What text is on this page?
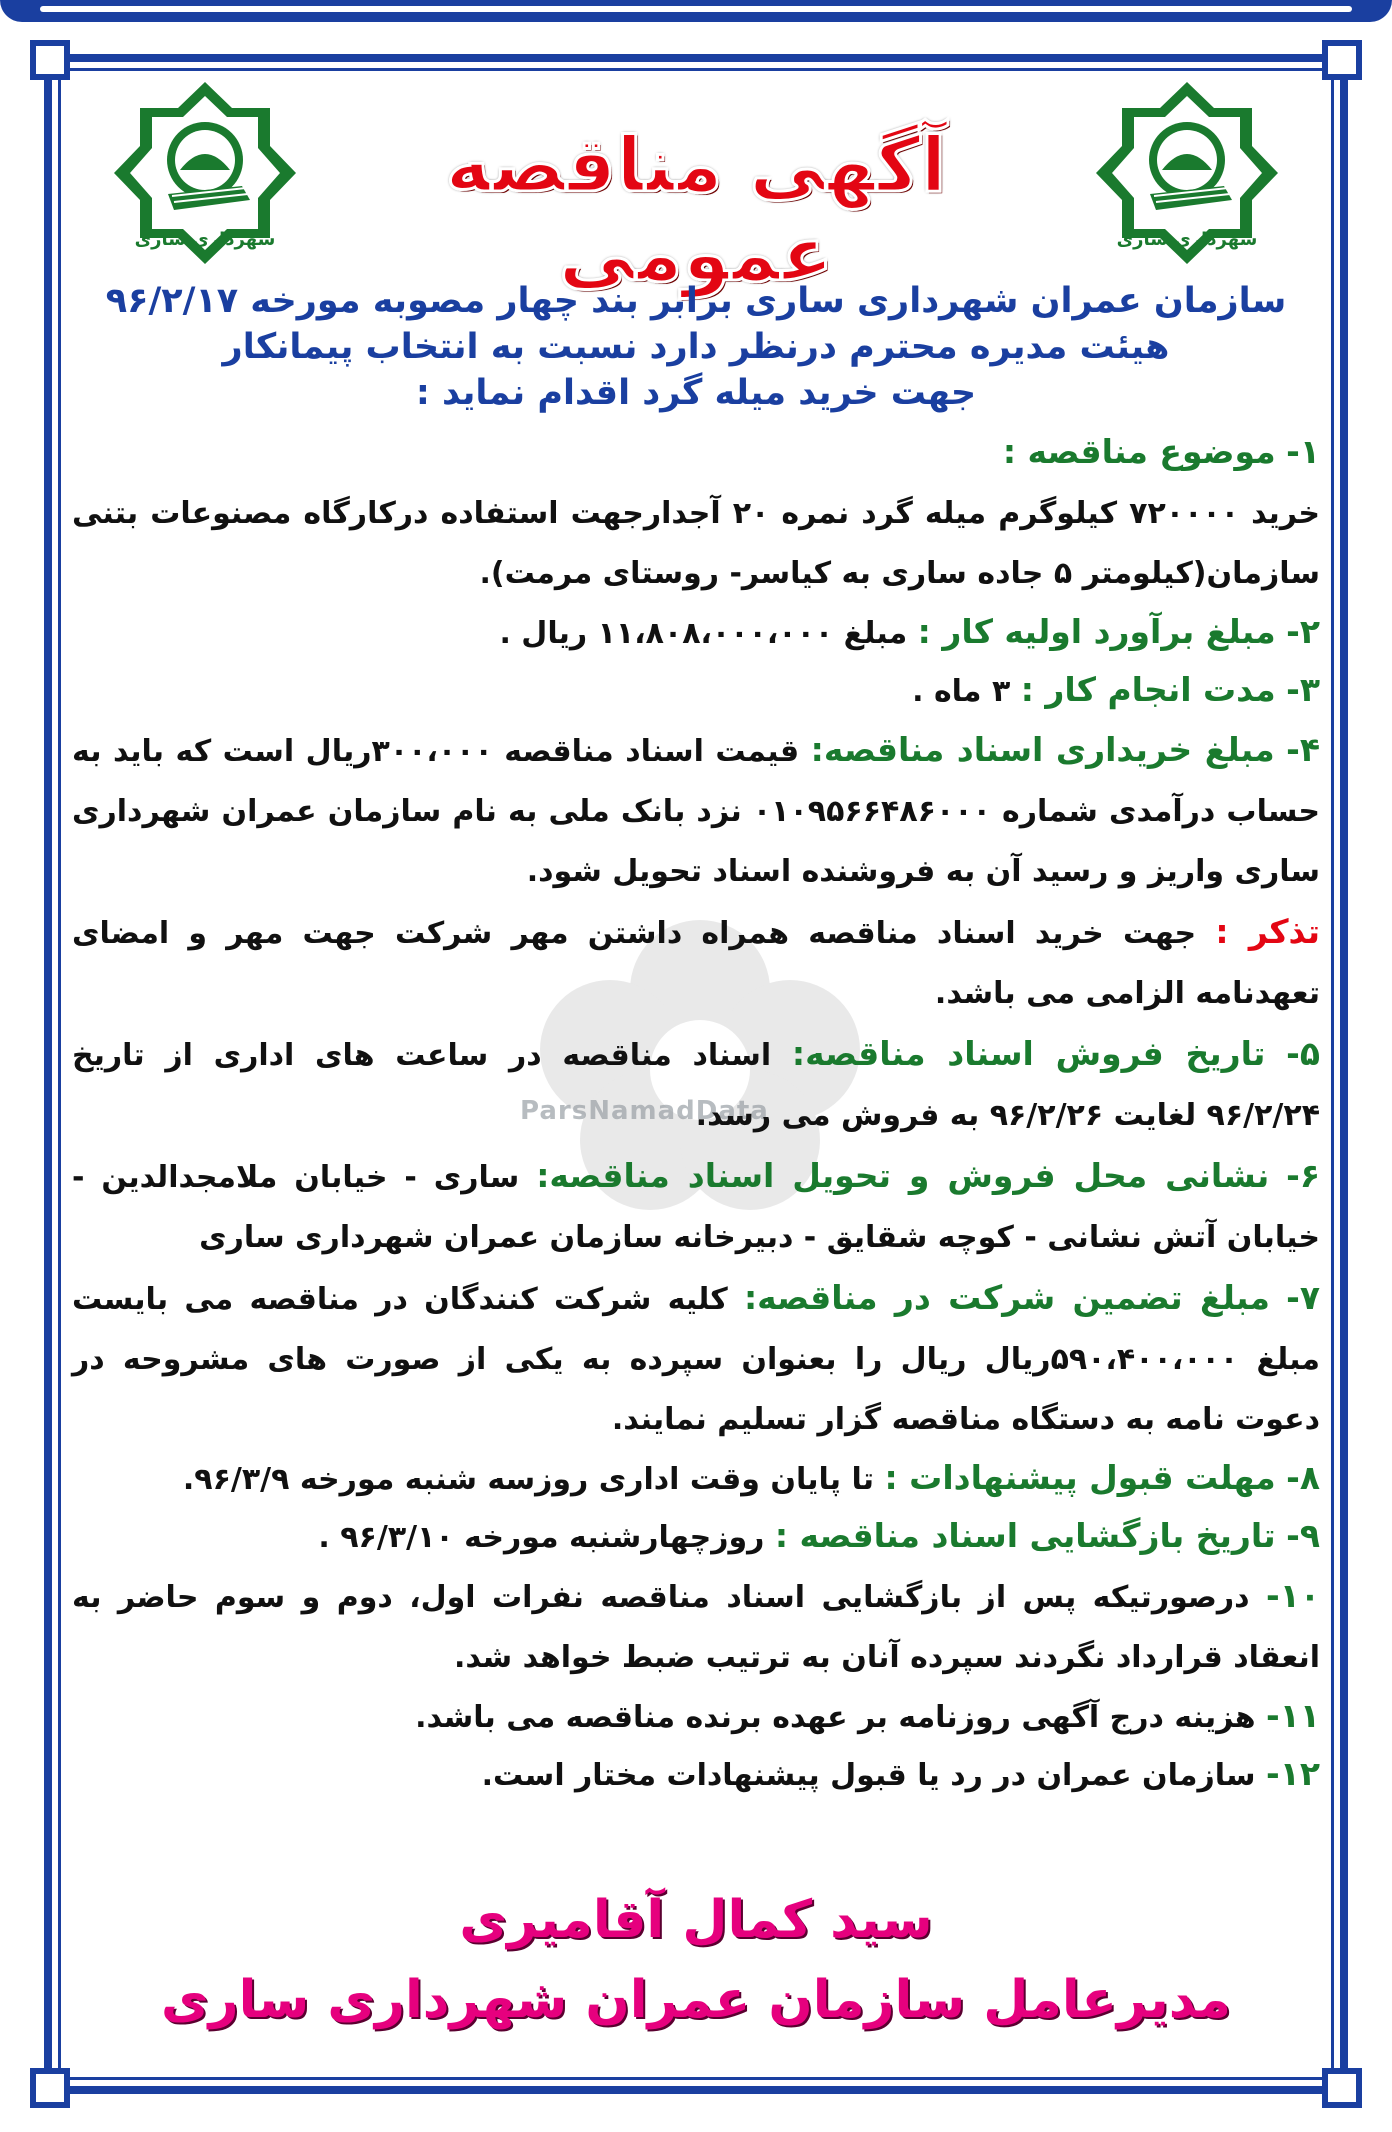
شهرداری ساری	شهرداری ساری
آگهی مناقصه عمومی
ParsNamadData
سازمان عمران شهرداری ساری برابر بند چهار مصوبه مورخه ۹۶/۲/۱۷
هیئت مدیره محترم درنظر دارد نسبت به انتخاب پیمانکار
جهت خرید میله گرد اقدام نماید :

۱- موضوع مناقصه :
خرید ۷۲۰۰۰۰ کیلوگرم میله گرد نمره ۲۰ آجدارجهت استفاده درکارگاه مصنوعات بتنی سازمان(کیلومتر ۵ جاده ساری به کیاسر- روستای مرمت).

۲- مبلغ برآورد اولیه کار : مبلغ ۱۱،۸۰۸،۰۰۰،۰۰۰ ریال .

۳- مدت انجام کار : ۳ ماه .

۴- مبلغ خریداری اسناد مناقصه: قیمت اسناد مناقصه ۳۰۰،۰۰۰ریال است که باید به حساب درآمدی شماره ۰۱۰۹۵۶۶۴۸۶۰۰۰ نزد بانک ملی به نام سازمان عمران شهرداری ساری واریز و رسید آن به فروشنده اسناد تحویل شود.

تذکر : جهت خرید اسناد مناقصه همراه داشتن مهر شرکت جهت مهر و امضای تعهدنامه الزامی می باشد.

۵- تاریخ فروش اسناد مناقصه: اسناد مناقصه در ساعت های اداری از تاریخ ۹۶/۲/۲۴ لغایت ۹۶/۲/۲۶ به فروش می رسد.

۶- نشانی محل فروش و تحویل اسناد مناقصه: ساری - خیابان ملامجدالدین - خیابان آتش نشانی - کوچه شقایق - دبیرخانه سازمان عمران شهرداری ساری

۷- مبلغ تضمین شرکت در مناقصه: کلیه شرکت کنندگان در مناقصه می بایست مبلغ ۵۹۰،۴۰۰،۰۰۰ریال ریال را بعنوان سپرده به یکی از صورت های مشروحه در دعوت نامه به دستگاه مناقصه گزار تسلیم نمایند.

۸- مهلت قبول پیشنهادات : تا پایان وقت اداری روزسه شنبه مورخه ۹۶/۳/۹.

۹- تاریخ بازگشایی اسناد مناقصه : روزچهارشنبه مورخه ۹۶/۳/۱۰ .

۱۰- درصورتیکه پس از بازگشایی اسناد مناقصه نفرات اول، دوم و سوم حاضر به انعقاد قرارداد نگردند سپرده آنان به ترتیب ضبط خواهد شد.

۱۱- هزینه درج آگهی روزنامه بر عهده برنده مناقصه می باشد.

۱۲- سازمان عمران در رد یا قبول پیشنهادات مختار است.

سید کمال آقامیری
مدیرعامل سازمان عمران شهرداری ساری
